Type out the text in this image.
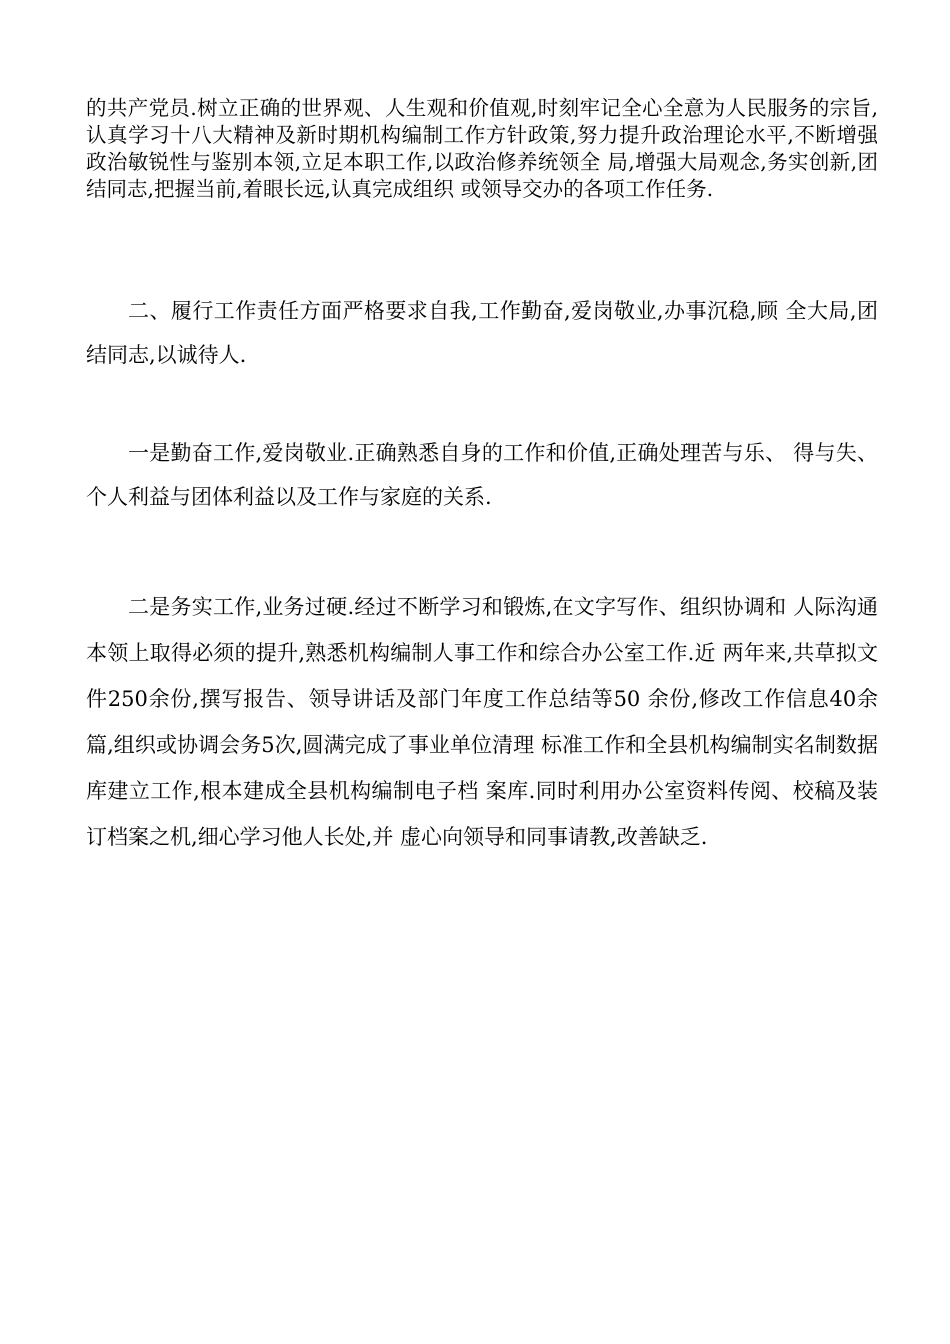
的共产党员.树立正确的世界观、人生观和价值观,时刻牢记全心全意为人民服务的宗旨,认真学习十八大精神及新时期机构编制工作方针政策,努力提升政治理论水平,不断增强政治敏锐性与鉴别本领,立足本职工作,以政治修养统领全 局,增强大局观念,务实创新,团结同志,把握当前,着眼长远,认真完成组织 或领导交办的各项工作任务.

二、履行工作责任方面严格要求自我,工作勤奋,爱岗敬业,办事沉稳,顾 全大局,团结同志,以诚待人.

一是勤奋工作,爱岗敬业.正确熟悉自身的工作和价值,正确处理苦与乐、 得与失、个人利益与团体利益以及工作与家庭的关系.

二是务实工作,业务过硬.经过不断学习和锻炼,在文字写作、组织协调和 人际沟通本领上取得必须的提升,熟悉机构编制人事工作和综合办公室工作.近 两年来,共草拟文件250余份,撰写报告、领导讲话及部门年度工作总结等50 余份,修改工作信息40余篇,组织或协调会务5次,圆满完成了事业单位清理 标准工作和全县机构编制实名制数据库建立工作,根本建成全县机构编制电子档 案库.同时利用办公室资料传阅、校稿及装订档案之机,细心学习他人长处,并 虚心向领导和同事请教,改善缺乏.
